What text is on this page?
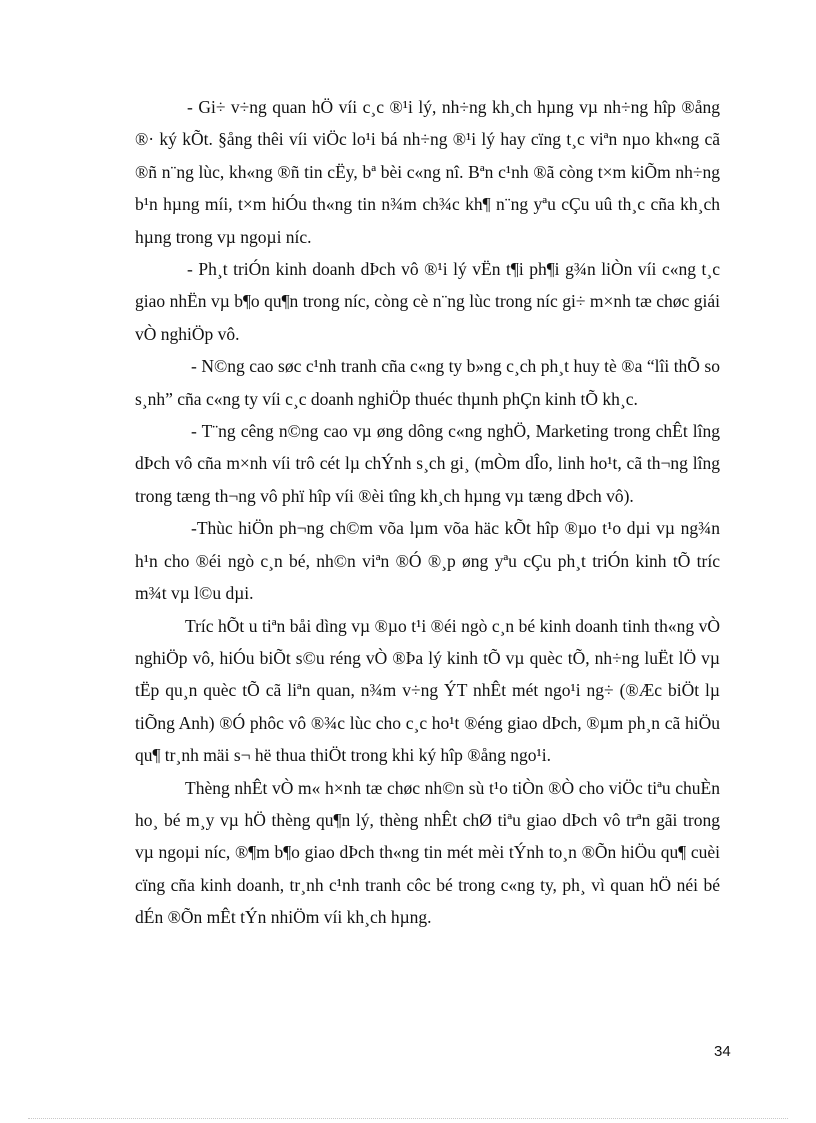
- Gi÷ v÷ng quan hÖ víi c¸c ®¹i lý, nh÷ng kh¸ch hµng vµ nh÷ng hîp ®ång ®· ký kÕt. §ång thêi víi viÖc lo¹i bá nh÷ng ®¹i lý hay cïng t¸c viªn nµo kh«ng cã ®ñ n¨ng lùc, kh«ng ®ñ tin cËy, bª bèi c«ng nî. Bªn c¹nh ®ã còng t×m kiÕm nh÷ng b¹n hµng míi, t×m hiÓu th«ng tin n¾m ch¾c kh¶ n¨ng yªu cÇu uû th¸c cña kh¸ch hµng trong vµ ngoµi níc.

- Ph¸t triÓn kinh doanh dÞch vô ®¹i lý vËn t¶i ph¶i g¾n liÒn víi c«ng t¸c giao nhËn vµ b¶o qu¶n trong níc, còng cè n¨ng lùc trong níc gi÷ m×nh tæ chøc giái vÒ nghiÖp vô.

- N©ng cao søc c¹nh tranh cña c«ng ty b»ng c¸ch ph¸t huy tè ®a “lîi thÕ so s¸nh” cña c«ng ty víi c¸c doanh nghiÖp thuéc thµnh phÇn kinh tÕ kh¸c.

- T¨ng cêng n©ng cao vµ øng dông c«ng nghÖ, Marketing trong chÊt lîng dÞch vô cña m×nh víi trô cét lµ chÝnh s¸ch gi¸ (mÒm dÎo, linh ho¹t, cã th¬ng lîng trong tæng th¬ng vô phï hîp víi ®èi tîng kh¸ch hµng vµ tæng dÞch vô).

-Thùc hiÖn ph¬ng ch©m võa lµm võa häc kÕt hîp ®µo t¹o dµi vµ ng¾n h¹n cho ®éi ngò c¸n bé, nh©n viªn ®Ó ®¸p øng yªu cÇu ph¸t triÓn kinh tÕ tríc m¾t vµ l©u dµi.

Tríc hÕt u tiªn båi dìng vµ ®µo t¹i ®éi ngò c¸n bé kinh doanh tinh th«ng vÒ nghiÖp vô, hiÓu biÕt s©u réng vÒ ®Þa lý kinh tÕ vµ quèc tÕ, nh÷ng luËt lÖ vµ tËp qu¸n quèc tÕ cã liªn quan, n¾m v÷ng ÝT nhÊt mét ngo¹i ng÷ (®Æc biÖt lµ tiÕng Anh) ®Ó phôc vô ®¾c lùc cho c¸c ho¹t ®éng giao dÞch, ®µm ph¸n cã hiÖu qu¶ tr¸nh mäi s¬ hë thua thiÖt trong khi ký hîp ®ång ngo¹i.

Thèng nhÊt vÒ m« h×nh tæ chøc nh©n sù t¹o tiÒn ®Ò cho viÖc tiªu chuÈn ho¸ bé m¸y vµ hÖ thèng qu¶n lý, thèng nhÊt chØ tiªu giao dÞch vô trªn gãi trong vµ ngoµi níc, ®¶m b¶o giao dÞch th«ng tin mét mèi tÝnh to¸n ®Õn hiÖu qu¶ cuèi cïng cña kinh doanh, tr¸nh c¹nh tranh côc bé trong c«ng ty, ph¸ vì quan hÖ néi bé dÉn ®Õn mÊt tÝn nhiÖm víi kh¸ch hµng.

34
